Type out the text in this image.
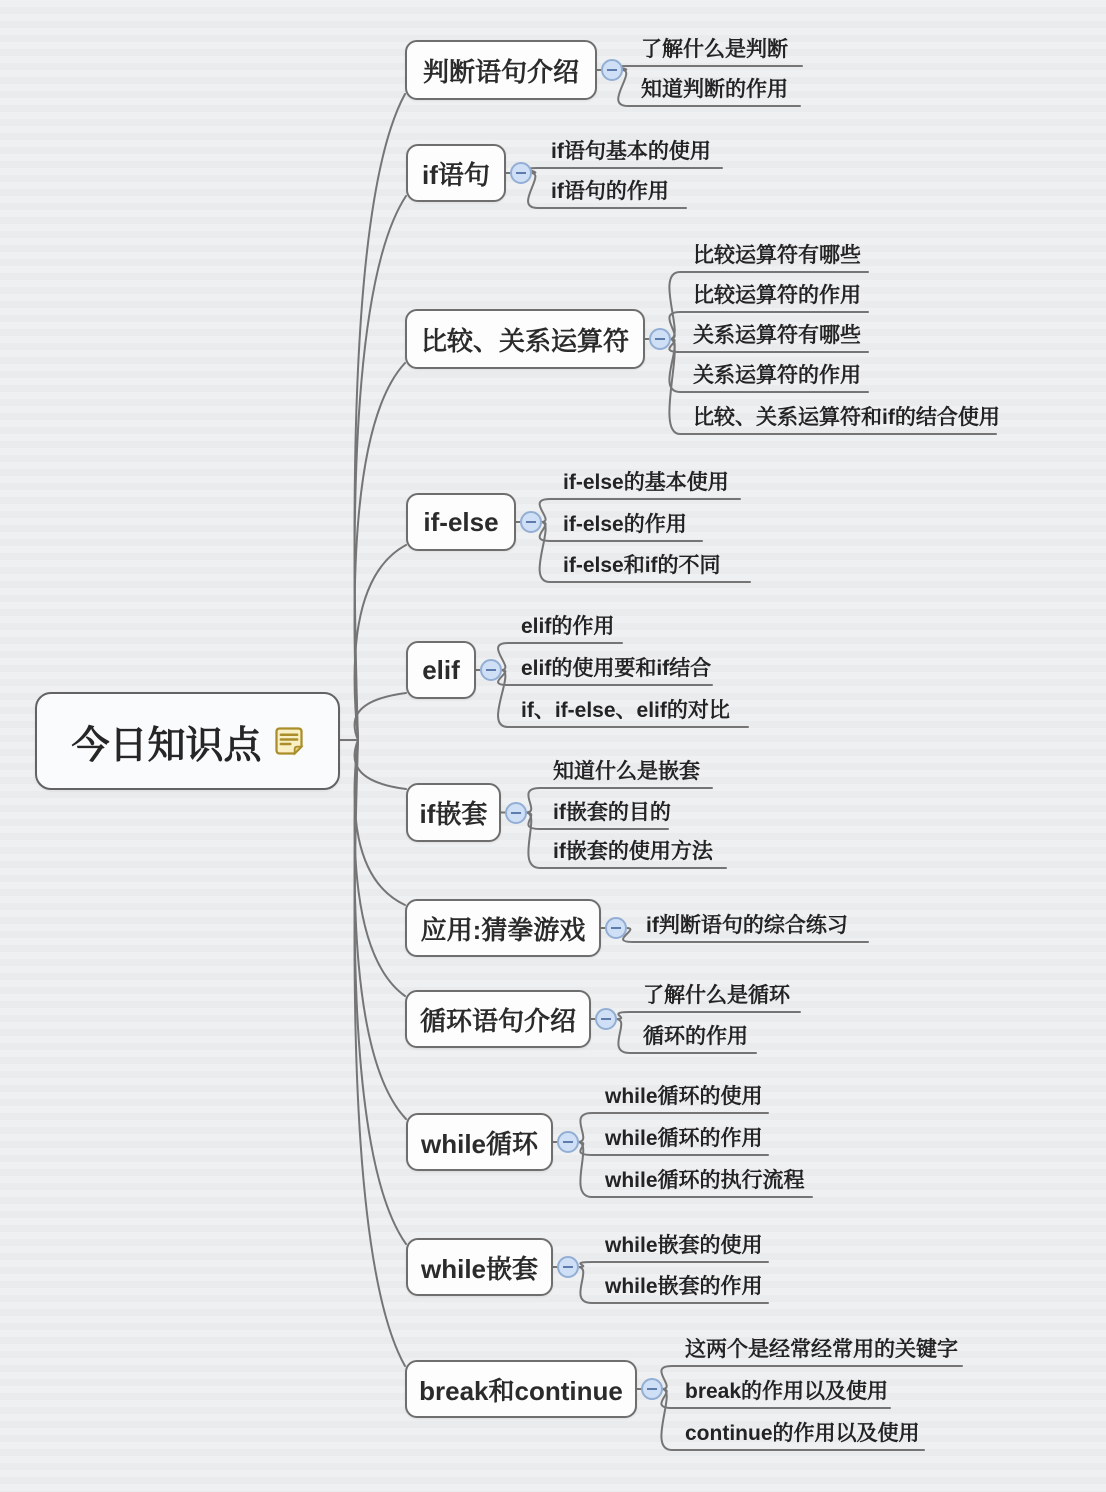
今日知识点
了解什么是判断
知道判断的作用
判断语句介绍
if语句基本的使用
if语句的作用
if语句
比较运算符有哪些
比较运算符的作用
关系运算符有哪些
关系运算符的作用
比较、关系运算符和if的结合使用
比较、关系运算符
if-else的基本使用
if-else的作用
if-else和if的不同
if-else
elif的作用
elif的使用要和if结合
if、if-else、elif的对比
elif
知道什么是嵌套
if嵌套的目的
if嵌套的使用方法
if嵌套
if判断语句的综合练习
应用:猜拳游戏
了解什么是循环
循环的作用
循环语句介绍
while循环的使用
while循环的作用
while循环的执行流程
while循环
while嵌套的使用
while嵌套的作用
while嵌套
这两个是经常经常用的关键字
break的作用以及使用
continue的作用以及使用
break和continue
